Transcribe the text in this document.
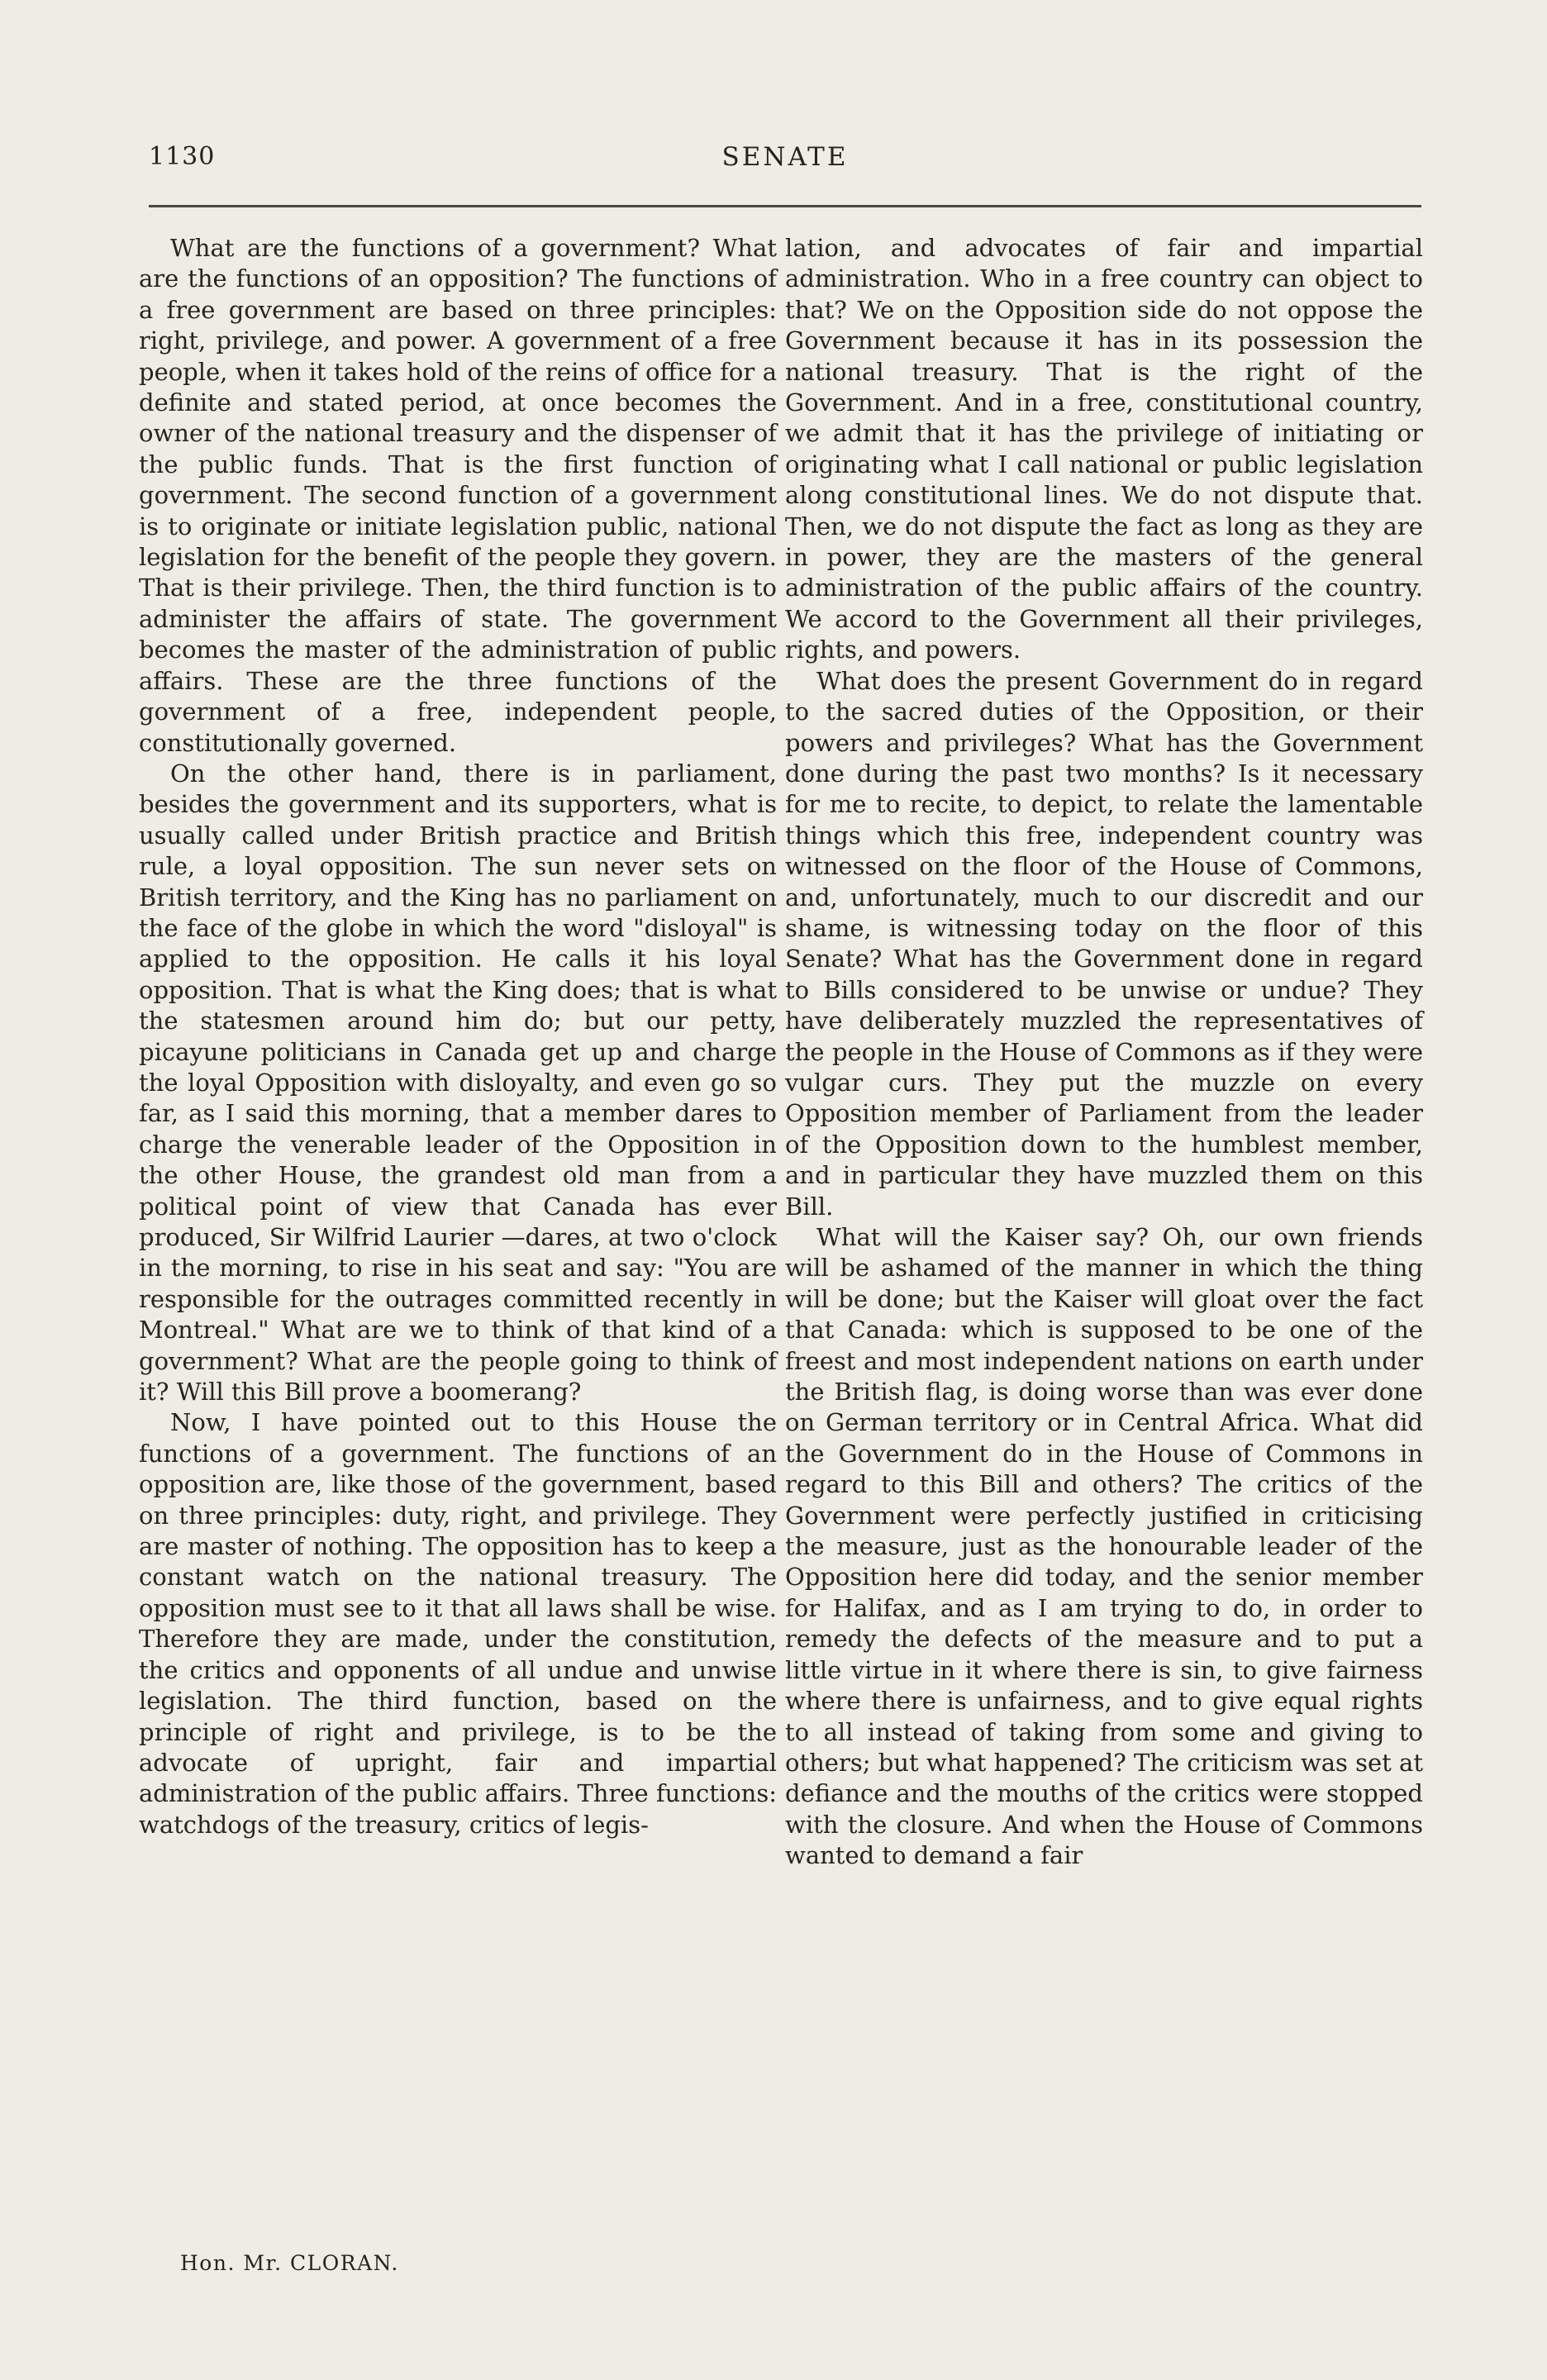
1130	SENATE

What are the functions of a government? What are the functions of an opposition? The functions of a free government are based on three principles: right, privilege, and power. A government of a free people, when it takes hold of the reins of office for a definite and stated period, at once becomes the owner of the national treasury and the dispenser of the public funds. That is the first function of government. The second function of a government is to originate or initiate legislation public, national legislation for the benefit of the people they govern. That is their privilege. Then, the third function is to administer the affairs of state. The government becomes the master of the administration of public affairs. These are the three functions of the government of a free, independent people, constitutionally governed.

On the other hand, there is in parliament, besides the government and its supporters, what is usually called under British practice and British rule, a loyal opposition. The sun never sets on British territory, and the King has no parliament on the face of the globe in which the word "disloyal" is applied to the opposition. He calls it his loyal opposition. That is what the King does; that is what the statesmen around him do; but our petty, picayune politicians in Canada get up and charge the loyal Opposition with disloyalty, and even go so far, as I said this morning, that a member dares to charge the venerable leader of the Opposition in the other House, the grandest old man from a political point of view that Canada has ever produced, Sir Wilfrid Laurier —dares, at two o'clock in the morning, to rise in his seat and say: "You are responsible for the outrages committed recently in Montreal." What are we to think of that kind of a government? What are the people going to think of it? Will this Bill prove a boomerang?

Now, I have pointed out to this House the functions of a government. The functions of an opposition are, like those of the government, based on three principles: duty, right, and privilege. They are master of nothing. The opposition has to keep a constant watch on the national treasury. The opposition must see to it that all laws shall be wise. Therefore they are made, under the constitution, the critics and opponents of all undue and unwise legislation. The third function, based on the principle of right and privilege, is to be the advocate of upright, fair and impartial administration of the public affairs. Three functions: watchdogs of the treasury, critics of legis-

lation, and advocates of fair and impartial administration. Who in a free country can object to that? We on the Opposition side do not oppose the Government because it has in its possession the national treasury. That is the right of the Government. And in a free, constitutional country, we admit that it has the privilege of initiating or originating what I call national or public legislation along constitutional lines. We do not dispute that. Then, we do not dispute the fact as long as they are in power, they are the masters of the general administration of the public affairs of the country. We accord to the Government all their privileges, rights, and powers.

What does the present Government do in regard to the sacred duties of the Opposition, or their powers and privileges? What has the Government done during the past two months? Is it necessary for me to recite, to depict, to relate the lamentable things which this free, independent country was witnessed on the floor of the House of Commons, and, unfortunately, much to our discredit and our shame, is witnessing today on the floor of this Senate? What has the Government done in regard to Bills considered to be unwise or undue? They have deliberately muzzled the representatives of the people in the House of Commons as if they were vulgar curs. They put the muzzle on every Opposition member of Parliament from the leader of the Opposition down to the humblest member, and in particular they have muzzled them on this Bill.

What will the Kaiser say? Oh, our own friends will be ashamed of the manner in which the thing will be done; but the Kaiser will gloat over the fact that Canada: which is supposed to be one of the freest and most independent nations on earth under the British flag, is doing worse than was ever done on German territory or in Central Africa. What did the Government do in the House of Commons in regard to this Bill and others? The critics of the Government were perfectly justified in criticising the measure, just as the honourable leader of the Opposition here did today, and the senior member for Halifax, and as I am trying to do, in order to remedy the defects of the measure and to put a little virtue in it where there is sin, to give fairness where there is unfairness, and to give equal rights to all instead of taking from some and giving to others; but what happened? The criticism was set at defiance and the mouths of the critics were stopped with the closure. And when the House of Commons wanted to demand a fair

Hon. Mr. CLORAN.
